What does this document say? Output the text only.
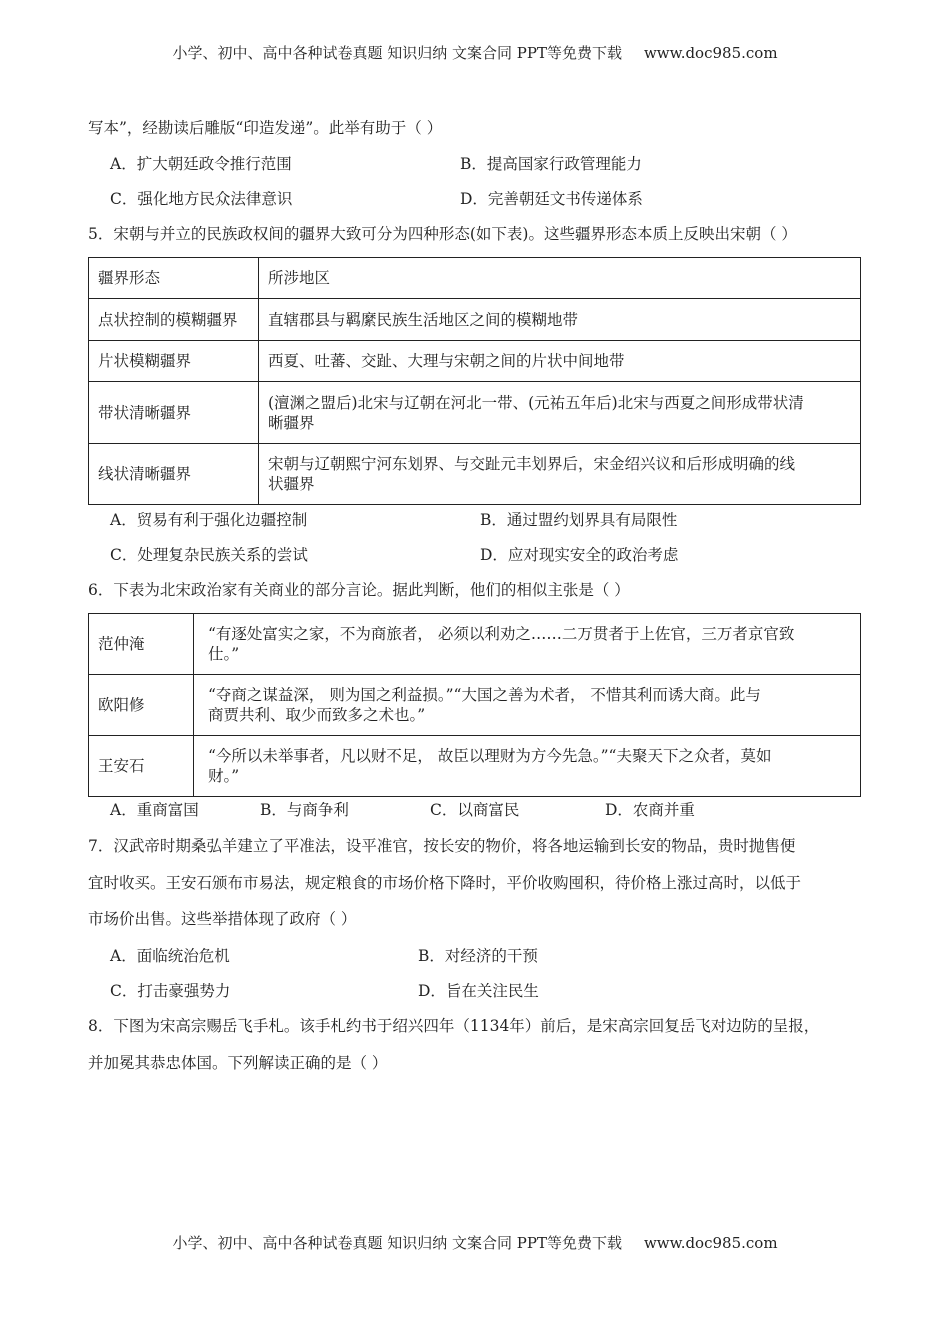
小学、初中、高中各种试卷真题 知识归纳 文案合同 PPT等免费下载 www.doc985.com
写本”，经勘读后雕版“印造发递”。此举有助于（ ）
A．扩大朝廷政令推行范围	B．提高国家行政管理能力
C．强化地方民众法律意识	D．完善朝廷文书传递体系
5．宋朝与并立的民族政权间的疆界大致可分为四种形态(如下表)。这些疆界形态本质上反映出宋朝（ ）
疆界形态	所涉地区
点状控制的模糊疆界	直辖郡县与羁縻民族生活地区之间的模糊地带
片状模糊疆界	西夏、吐蕃、交趾、大理与宋朝之间的片状中间地带
带状清晰疆界	(澶渊之盟后)北宋与辽朝在河北一带、(元祐五年后)北宋与西夏之间形成带状清
晰疆界
线状清晰疆界	宋朝与辽朝熙宁河东划界、与交趾元丰划界后，宋金绍兴议和后形成明确的线
状疆界
A．贸易有利于强化边疆控制	B．通过盟约划界具有局限性
C．处理复杂民族关系的尝试	D．应对现实安全的政治考虑
6．下表为北宋政治家有关商业的部分言论。据此判断，他们的相似主张是（ ）
范仲淹	“有逐处富实之家，不为商旅者， 必须以利劝之……二万贯者于上佐官，三万者京官致
仕。”
欧阳修	“夺商之谋益深， 则为国之利益损。”“大国之善为术者， 不惜其利而诱大商。此与
商贾共利、取少而致多之术也。”
王安石	“今所以未举事者，凡以财不足， 故臣以理财为方今先急。”“夫聚天下之众者，莫如
财。”
A．重商富国	B．与商争利	C．以商富民	D．农商并重
7．汉武帝时期桑弘羊建立了平准法，设平准官，按长安的物价，将各地运输到长安的物品，贵时抛售便
宜时收买。王安石颁布市易法，规定粮食的市场价格下降时，平价收购囤积，待价格上涨过高时，以低于
市场价出售。这些举措体现了政府（ ）
A．面临统治危机	B．对经济的干预
C．打击豪强势力	D．旨在关注民生
8．下图为宋高宗赐岳飞手札。该手札约书于绍兴四年（1134年）前后，是宋高宗回复岳飞对边防的呈报，
并加冕其恭忠体国。下列解读正确的是（ ）
小学、初中、高中各种试卷真题 知识归纳 文案合同 PPT等免费下载 www.doc985.com
